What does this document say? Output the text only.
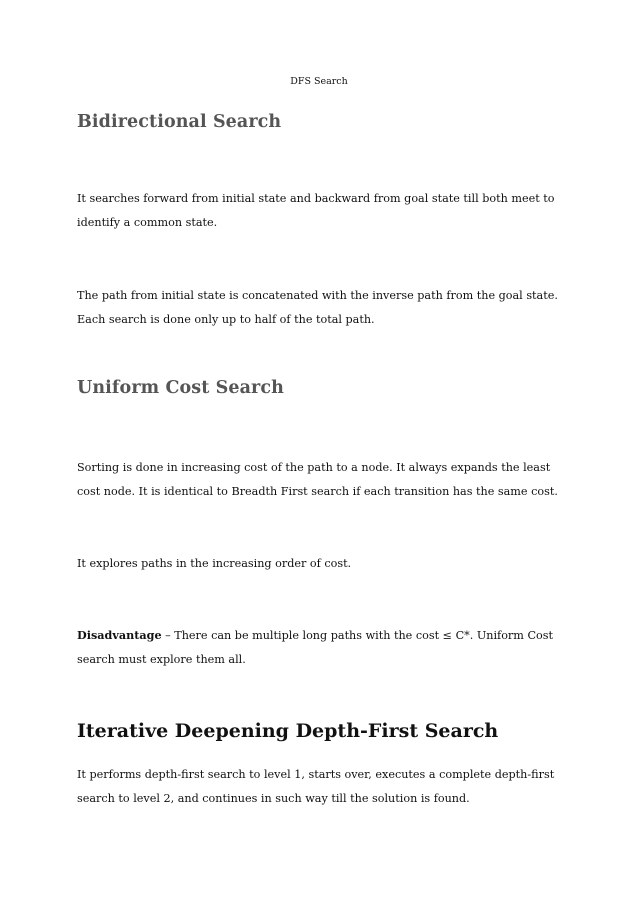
DFS Search
Bidirectional Search
It searches forward from initial state and backward from goal state till both meet to
identify a common state.
The path from initial state is concatenated with the inverse path from the goal state.
Each search is done only up to half of the total path.
Uniform Cost Search
Sorting is done in increasing cost of the path to a node. It always expands the least
cost node. It is identical to Breadth First search if each transition has the same cost.
It explores paths in the increasing order of cost.
Disadvantage – There can be multiple long paths with the cost ≤ C*. Uniform Cost
search must explore them all.
Iterative Deepening Depth-First Search
It performs depth-first search to level 1, starts over, executes a complete depth-first
search to level 2, and continues in such way till the solution is found.
